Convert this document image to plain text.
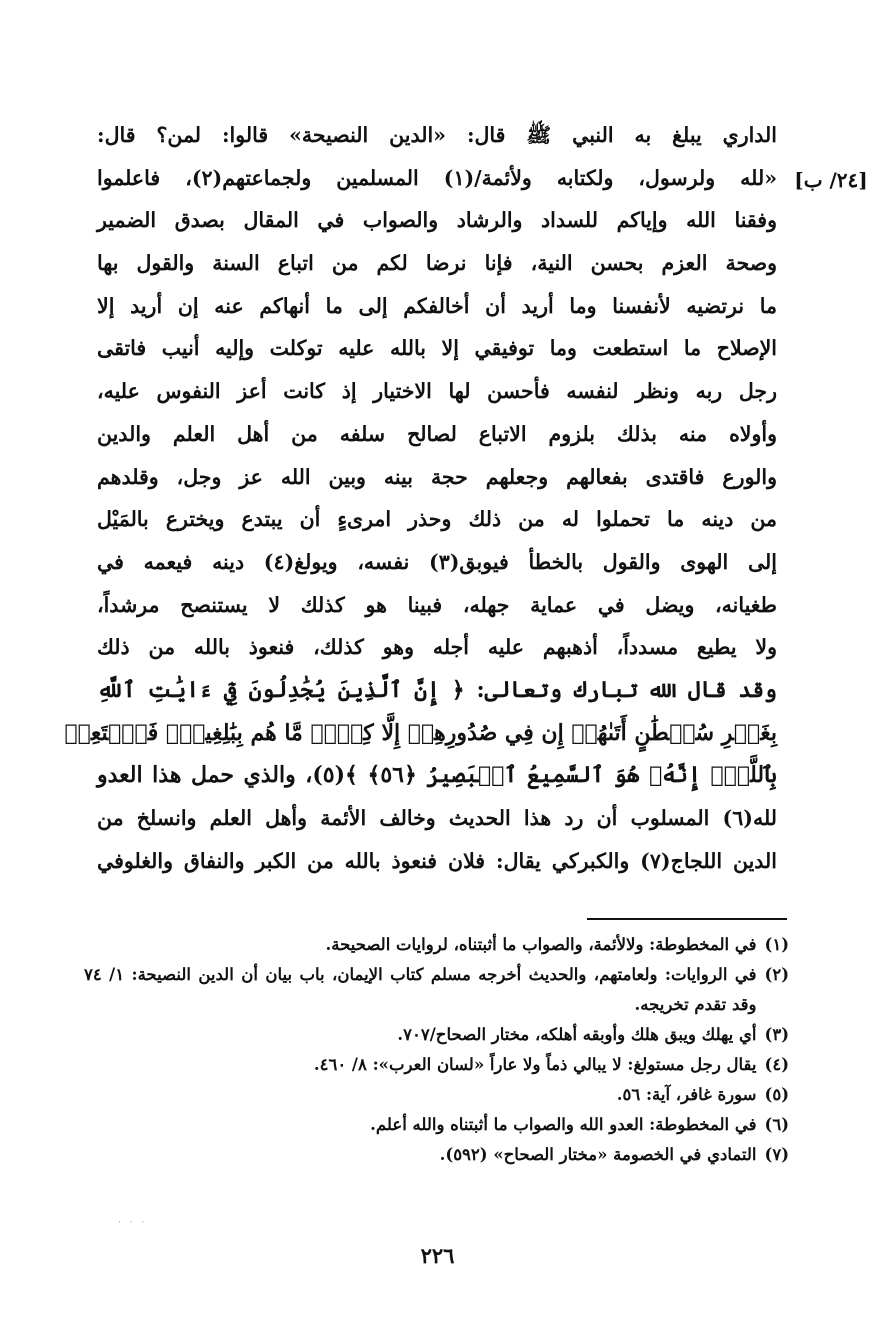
[٢٤/ ب]
الداري يبلغ به النبي ﷺ قال: «الدين النصيحة» قالوا: لمن؟ قال:
«لله ولرسول، ولكتابه ولأئمة/(١) المسلمين ولجماعتهم(٢)، فاعلموا
وفقنا الله وإياكم للسداد والرشاد والصواب في المقال بصدق الضمير
وصحة العزم بحسن النية، فإنا نرضا لكم من اتباع السنة والقول بها
ما نرتضيه لأنفسنا وما أريد أن أخالفكم إلى ما أنهاكم عنه إن أريد إلا
الإصلاح ما استطعت وما توفيقي إلا بالله عليه توكلت وإليه أنيب فاتقى
رجل ربه ونظر لنفسه فأحسن لها الاختيار إذ كانت أعز النفوس عليه،
وأولاه منه بذلك بلزوم الاتباع لصالح سلفه من أهل العلم والدين
والورع فاقتدى بفعالهم وجعلهم حجة بينه وبين الله عز وجل، وقلدهم
من دينه ما تحملوا له من ذلك وحذر امرىءٍ أن يبتدع ويخترع بالمَيْل
إلى الهوى والقول بالخطأ فيوبق(٣) نفسه، ويولغ(٤) دينه فيعمه في
طغيانه، ويضل في عماية جهله، فبينا هو كذلك لا يستنصح مرشداً،
ولا يطيع مسدداً، أذهبهم عليه أجله وهو كذلك، فنعوذ بالله من ذلك
وقد قال الله تبارك وتعالى: ﴿ إِنَّ ٱلَّذِينَ يُجَٰدِلُونَ فِيٓ ءَايَٰتِ ٱللَّهِ
بِغَيۡرِ سُلۡطَٰنٍ أَتَىٰهُمۡ إِن فِي صُدُورِهِمۡ إِلَّا كِبۡرٞ مَّا هُم بِبَٰلِغِيهِۚ فَٱسۡتَعِذۡ
بِٱللَّهِۖ إِنَّهُۥ هُوَ ٱلسَّمِيعُ ٱلۡبَصِيرُ ﴿٥٦﴾ ﴾(٥)، والذي حمل هذا العدو
لله(٦) المسلوب أن رد هذا الحديث وخالف الأئمة وأهل العلم وانسلخ من
الدين اللجاج(٧) والكبركي يقال: فلان فنعوذ بالله من الكبر والنفاق والغلوفي
(١)
في المخطوطة: ولالأئمة، والصواب ما أثبتناه، لروايات الصحيحة.
(٢)
في الروايات: ولعامتهم، والحديث أخرجه مسلم كتاب الإيمان، باب بيان أن الدين النصيحة: ١/ ٧٤ وقد تقدم تخريجه.
(٣)
أي يهلك ويبق هلك وأوبقه أهلكه، مختار الصحاح/٧٠٧.
(٤)
يقال رجل مستولغ: لا يبالي ذماً ولا عاراً «لسان العرب»: ٨/ ٤٦٠.
(٥)
سورة غافر، آية: ٥٦.
(٦)
في المخطوطة: العدو الله والصواب ما أثبتناه والله أعلم.
(٧)
التمادي في الخصومة «مختار الصحاح» (٥٩٢).
· · ·
٢٢٦
